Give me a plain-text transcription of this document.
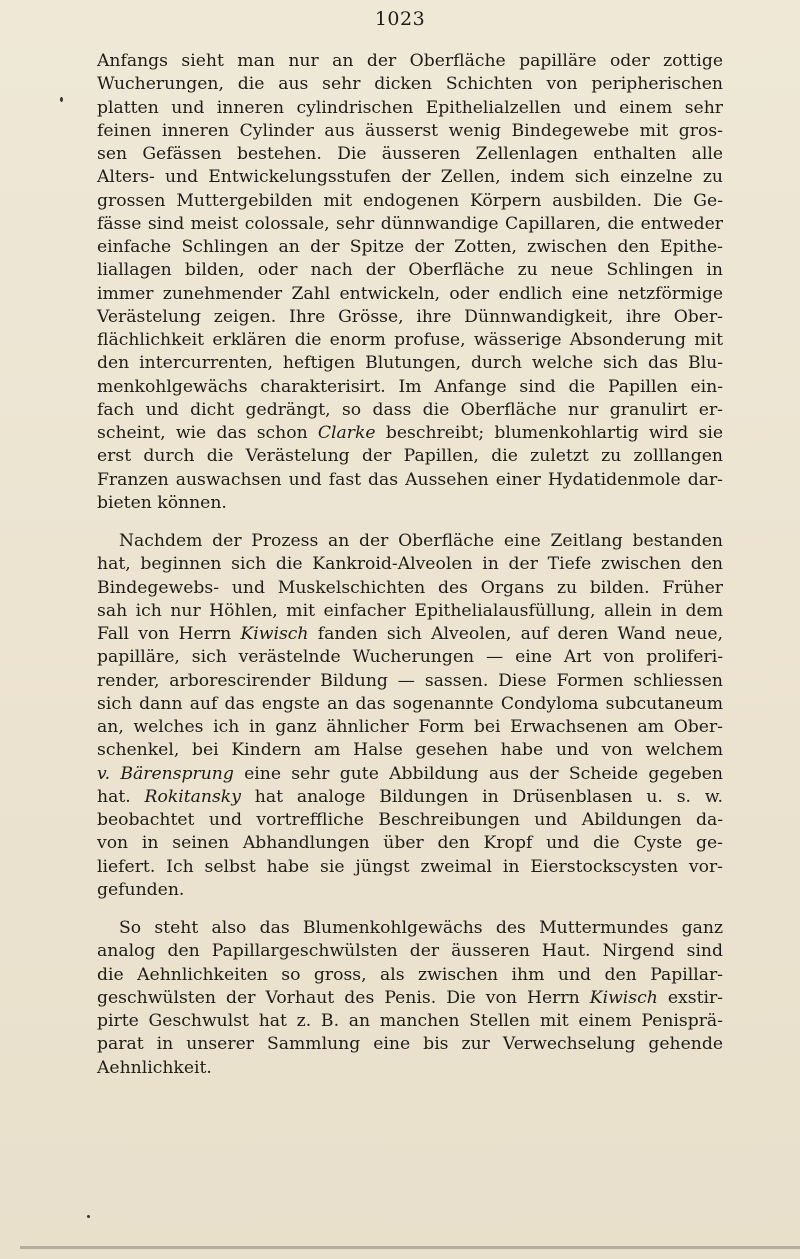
1023
Anfangs sieht man nur an der Oberfläche papilläre oder zottige
Wucherungen, die aus sehr dicken Schichten von peripherischen
platten und inneren cylindrischen Epithelialzellen und einem sehr
feinen inneren Cylinder aus äusserst wenig Bindegewebe mit gros-
sen Gefässen bestehen. Die äusseren Zellenlagen enthalten alle
Alters- und Entwickelungsstufen der Zellen, indem sich einzelne zu
grossen Muttergebilden mit endogenen Körpern ausbilden. Die Ge-
fässe sind meist colossale, sehr dünnwandige Capillaren, die entweder
einfache Schlingen an der Spitze der Zotten, zwischen den Epithe-
liallagen bilden, oder nach der Oberfläche zu neue Schlingen in
immer zunehmender Zahl entwickeln, oder endlich eine netzförmige
Verästelung zeigen. Ihre Grösse, ihre Dünnwandigkeit, ihre Ober-
flächlichkeit erklären die enorm profuse, wässerige Absonderung mit
den intercurrenten, heftigen Blutungen, durch welche sich das Blu-
menkohlgewächs charakterisirt. Im Anfange sind die Papillen ein-
fach und dicht gedrängt, so dass die Oberfläche nur granulirt er-
scheint, wie das schon Clarke beschreibt; blumenkohlartig wird sie
erst durch die Verästelung der Papillen, die zuletzt zu zolllangen
Franzen auswachsen und fast das Aussehen einer Hydatidenmole dar-
bieten können.
Nachdem der Prozess an der Oberfläche eine Zeitlang bestanden
hat, beginnen sich die Kankroid-Alveolen in der Tiefe zwischen den
Bindegewebs- und Muskelschichten des Organs zu bilden. Früher
sah ich nur Höhlen, mit einfacher Epithelialausfüllung, allein in dem
Fall von Herrn Kiwisch fanden sich Alveolen, auf deren Wand neue,
papilläre, sich verästelnde Wucherungen — eine Art von proliferi-
render, arborescirender Bildung — sassen. Diese Formen schliessen
sich dann auf das engste an das sogenannte Condyloma subcutaneum
an, welches ich in ganz ähnlicher Form bei Erwachsenen am Ober-
schenkel, bei Kindern am Halse gesehen habe und von welchem
v. Bärensprung eine sehr gute Abbildung aus der Scheide gegeben
hat. Rokitansky hat analoge Bildungen in Drüsenblasen u. s. w.
beobachtet und vortreffliche Beschreibungen und Abildungen da-
von in seinen Abhandlungen über den Kropf und die Cyste ge-
liefert. Ich selbst habe sie jüngst zweimal in Eierstockscysten vor-
gefunden.
So steht also das Blumenkohlgewächs des Muttermundes ganz
analog den Papillargeschwülsten der äusseren Haut. Nirgend sind
die Aehnlichkeiten so gross, als zwischen ihm und den Papillar-
geschwülsten der Vorhaut des Penis. Die von Herrn Kiwisch exstir-
pirte Geschwulst hat z. B. an manchen Stellen mit einem Penisprä-
parat in unserer Sammlung eine bis zur Verwechselung gehende
Aehnlichkeit.
